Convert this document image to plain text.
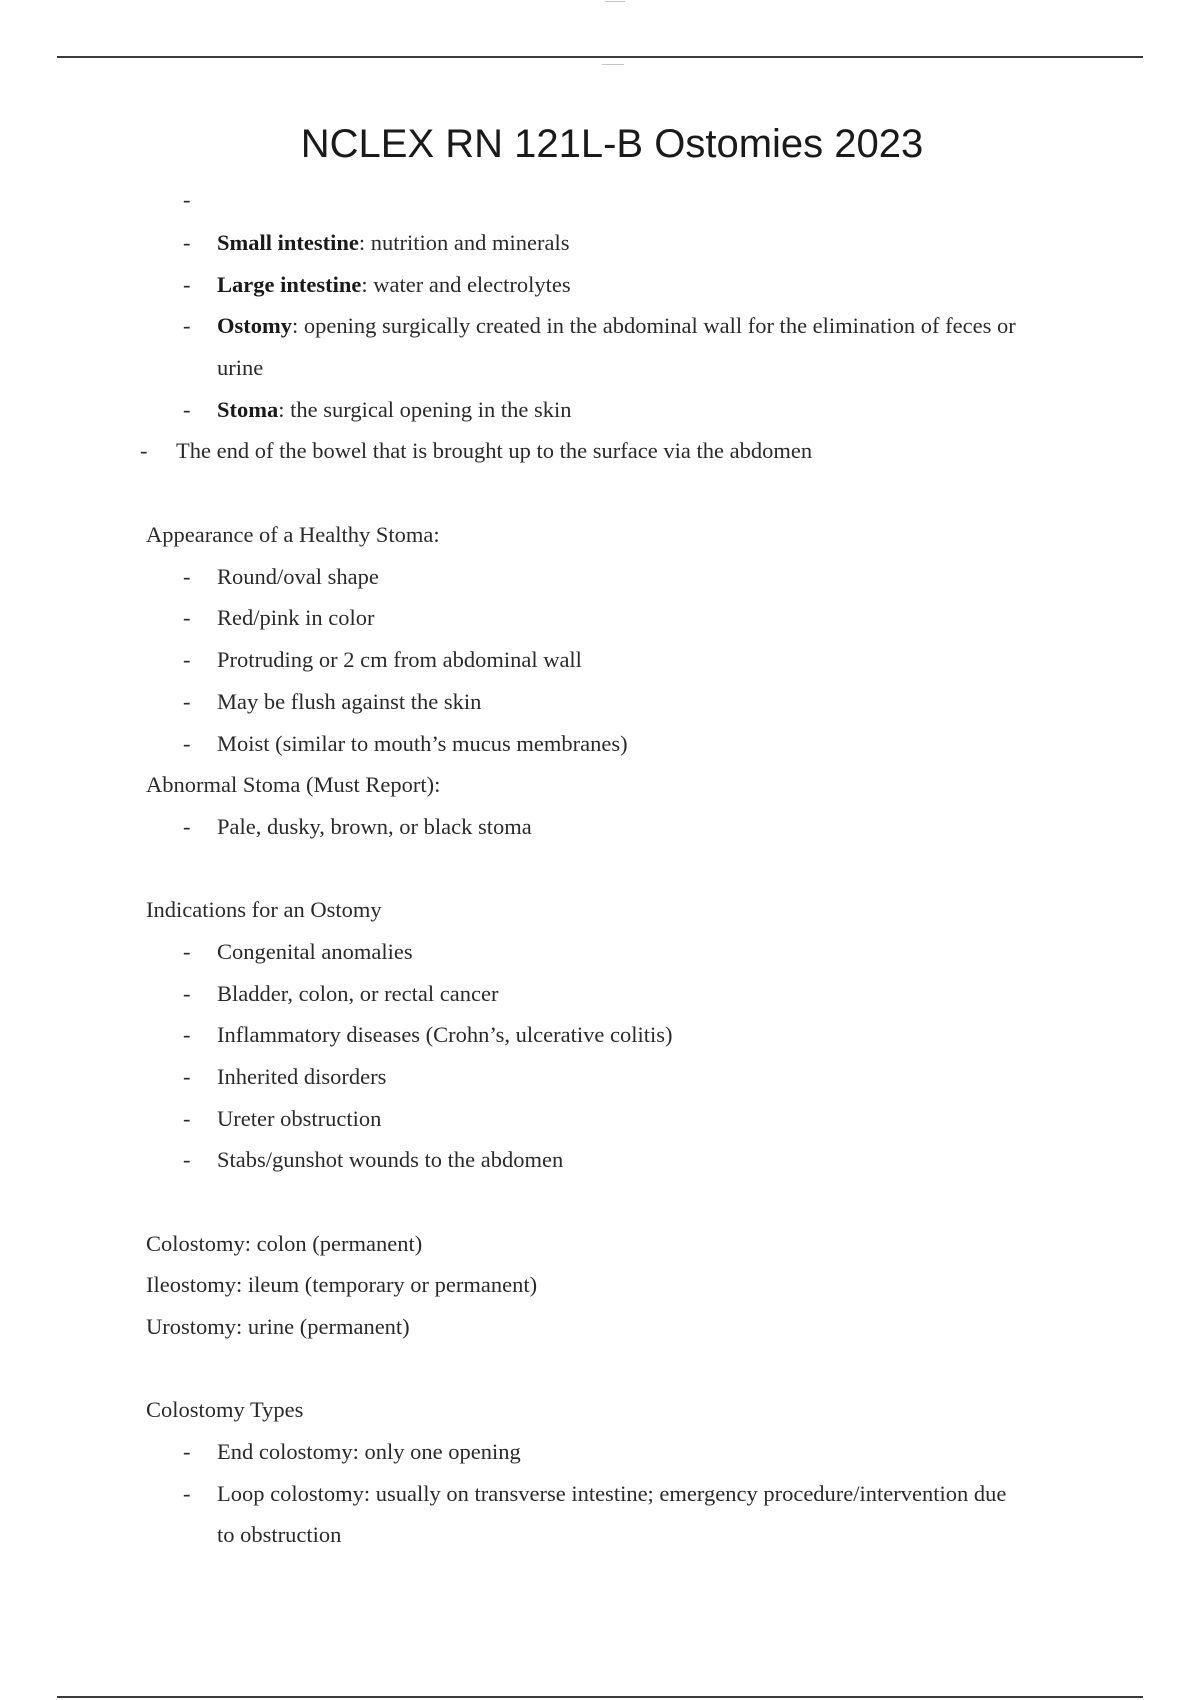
NCLEX RN 121L-B Ostomies 2023
-
- Small intestine: nutrition and minerals
- Large intestine: water and electrolytes
- Ostomy: opening surgically created in the abdominal wall for the elimination of feces or
urine
- Stoma: the surgical opening in the skin
- The end of the bowel that is brought up to the surface via the abdomen
Appearance of a Healthy Stoma:
- Round/oval shape
- Red/pink in color
- Protruding or 2 cm from abdominal wall
- May be flush against the skin
- Moist (similar to mouth’s mucus membranes)
Abnormal Stoma (Must Report):
- Pale, dusky, brown, or black stoma
Indications for an Ostomy
- Congenital anomalies
- Bladder, colon, or rectal cancer
- Inflammatory diseases (Crohn’s, ulcerative colitis)
- Inherited disorders
- Ureter obstruction
- Stabs/gunshot wounds to the abdomen
Colostomy: colon (permanent)
Ileostomy: ileum (temporary or permanent)
Urostomy: urine (permanent)
Colostomy Types
- End colostomy: only one opening
- Loop colostomy: usually on transverse intestine; emergency procedure/intervention due
to obstruction
